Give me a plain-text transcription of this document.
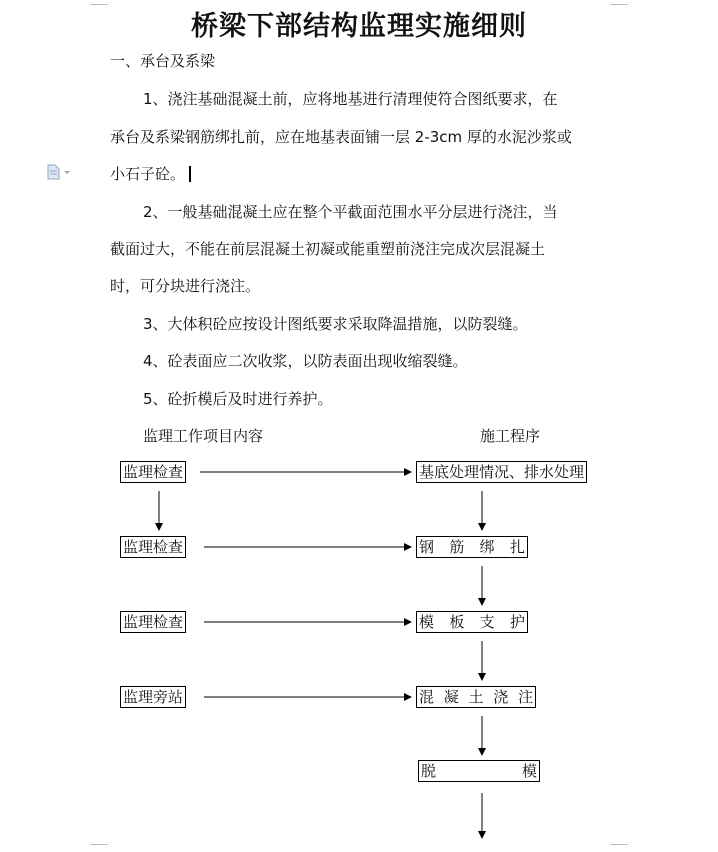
桥梁下部结构监理实施细则
一、承台及系梁
1、浇注基础混凝土前，应将地基进行清理使符合图纸要求，在
承台及系梁钢筋绑扎前，应在地基表面铺一层 2-3cm 厚的水泥沙浆或
小石子砼。
2、一般基础混凝土应在整个平截面范围水平分层进行浇注，当
截面过大，不能在前层混凝土初凝或能重塑前浇注完成次层混凝土
时，可分块进行浇注。
3、大体积砼应按设计图纸要求采取降温措施，以防裂缝。
4、砼表面应二次收浆，以防表面出现收缩裂缝。
5、砼折模后及时进行养护。
监理工作项目内容	施工程序
监理检查
监理检查
监理检查
监理旁站
基底处理情况、排水处理
钢 筋 绑 扎
模 板 支 护
混 凝 土 浇 注
脱	模
